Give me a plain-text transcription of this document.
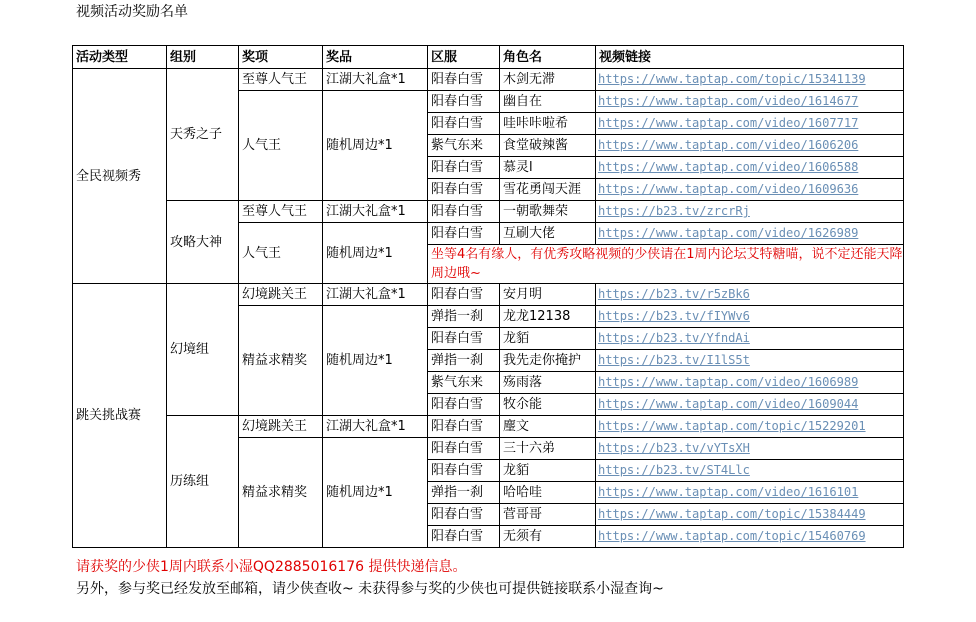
视频活动奖励名单
活动类型	组别	奖项	奖品	区服	角色名	视频链接
全民视频秀	天秀之子	至尊人气王	江湖大礼盒*1	阳春白雪	木剑无滞	https://www.taptap.com/topic/15341139
		人气王	随机周边*1	阳春白雪	幽自在	https://www.taptap.com/video/1614677
				阳春白雪	哇咔咔啦希	https://www.taptap.com/video/1607717
				紫气东来	食堂破辣酱	https://www.taptap.com/video/1606206
				阳春白雪	慕灵l	https://www.taptap.com/video/1606588
				阳春白雪	雪花勇闯天涯	https://www.taptap.com/video/1609636
	攻略大神	至尊人气王	江湖大礼盒*1	阳春白雪	一朝歌舞荣	https://b23.tv/zrcrRj
		人气王	随机周边*1	阳春白雪	互刷大佬	https://www.taptap.com/video/1626989
				坐等4名有缘人，有优秀攻略视频的少侠请在1周内论坛艾特糖喵，说不定还能天降周边哦~		

跳关挑战赛	幻境组	幻境跳关王	江湖大礼盒*1	阳春白雪	安月明	https://b23.tv/r5zBk6
		精益求精奖	随机周边*1	弹指一刹	龙龙12138	https://b23.tv/fIYWv6
				阳春白雪	龙貊	https://b23.tv/YfndAi
				弹指一刹	我先走你掩护	https://b23.tv/I1lS5t
				紫气东来	殇雨落	https://www.taptap.com/video/1606989
				阳春白雪	牧尒能	https://www.taptap.com/video/1609044
	历练组	幻境跳关王	江湖大礼盒*1	阳春白雪	麈文	https://www.taptap.com/topic/15229201
		精益求精奖	随机周边*1	阳春白雪	三十六弟	https://b23.tv/vYTsXH
				阳春白雪	龙貊	https://b23.tv/ST4Llc
				弹指一刹	哈哈哇	https://www.taptap.com/video/1616101
				阳春白雪	菅哥哥	https://www.taptap.com/topic/15384449
				阳春白雪	无须有	https://www.taptap.com/topic/15460769
请获奖的少侠1周内联系小湿QQ2885016176 提供快递信息。
另外，参与奖已经发放至邮箱，请少侠查收~ 未获得参与奖的少侠也可提供链接联系小湿查询~
